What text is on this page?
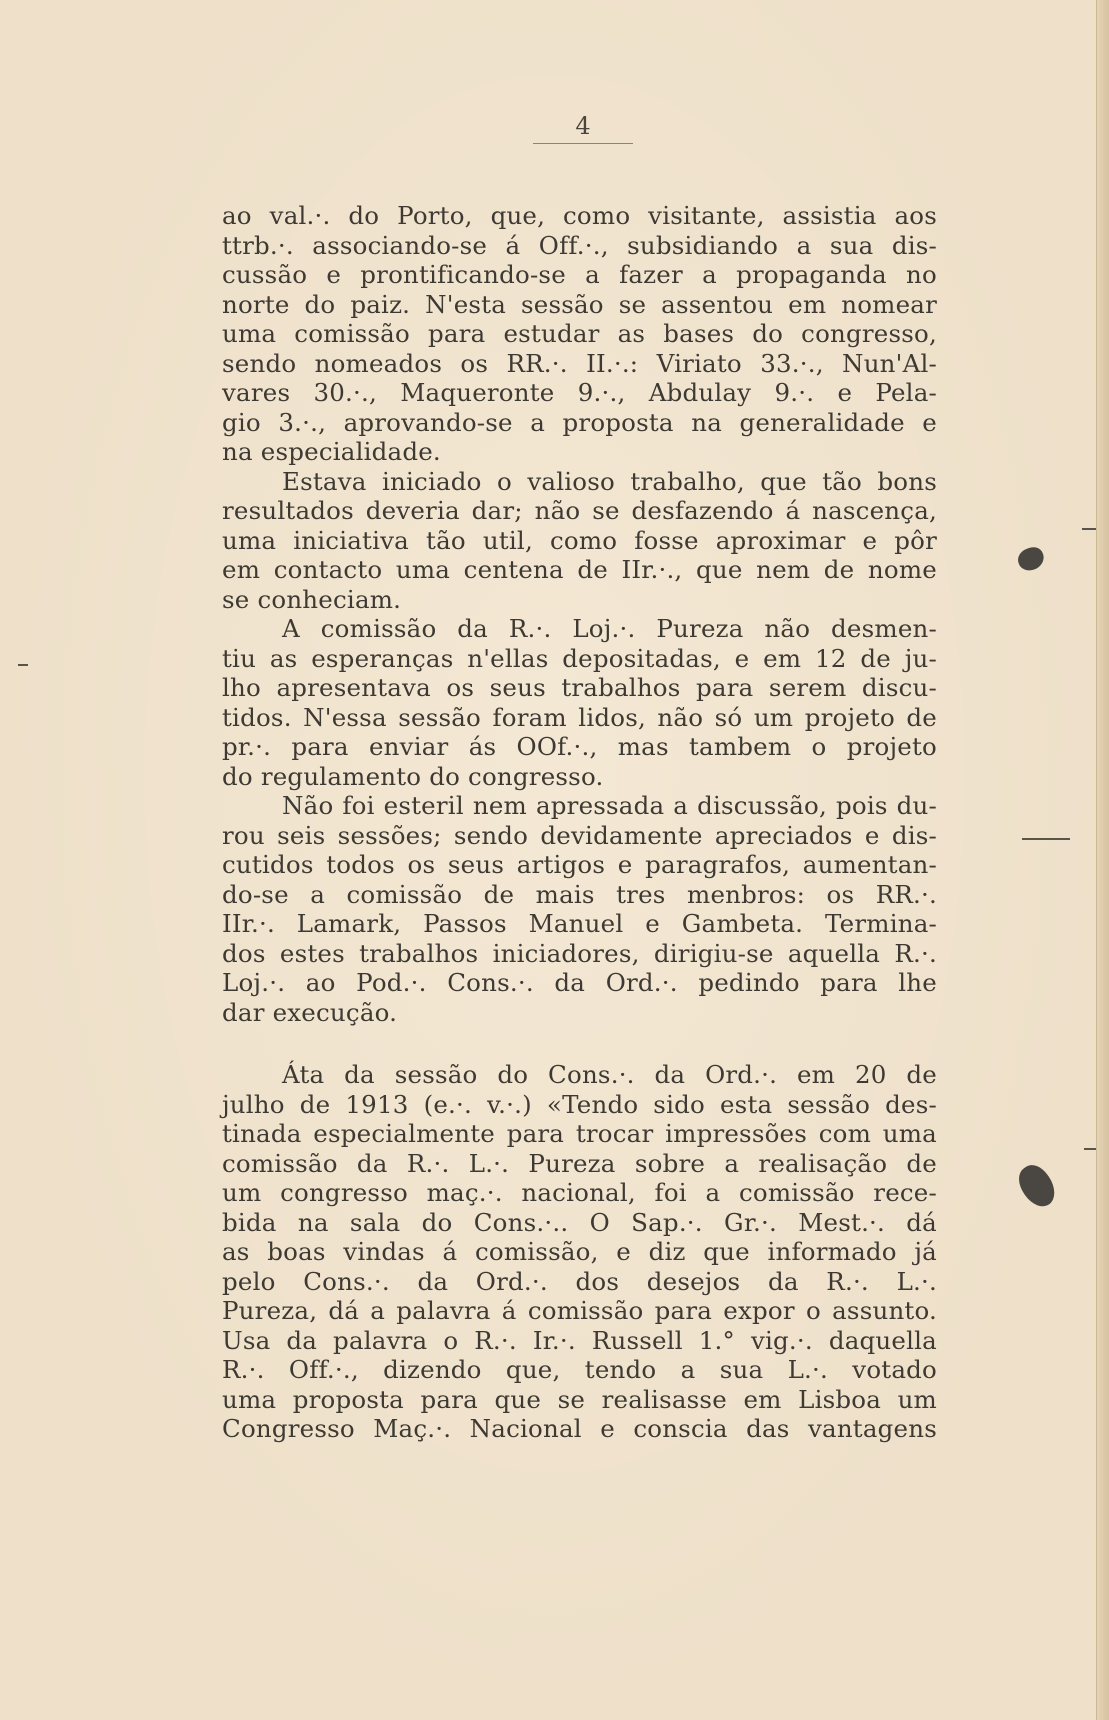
4
ao val.·. do Porto, que, como visitante, assistia aos
ttrb.·. associando-se á Off.·., subsidiando a sua dis-
cussão e prontificando-se a fazer a propaganda no
norte do paiz. N'esta sessão se assentou em nomear
uma comissão para estudar as bases do congresso,
sendo nomeados os RR.·. II.·.: Viriato 33.·., Nun'Al-
vares 30.·., Maqueronte 9.·., Abdulay 9.·. e Pela-
gio 3.·., aprovando-se a proposta na generalidade e
na especialidade.
Estava iniciado o valioso trabalho, que tão bons
resultados deveria dar; não se desfazendo á nascença,
uma iniciativa tão util, como fosse aproximar e pôr
em contacto uma centena de IIr.·., que nem de nome
se conheciam.
A comissão da R.·. Loj.·. Pureza não desmen-
tiu as esperanças n'ellas depositadas, e em 12 de ju-
lho apresentava os seus trabalhos para serem discu-
tidos. N'essa sessão foram lidos, não só um projeto de
pr.·. para enviar ás OOf.·., mas tambem o projeto
do regulamento do congresso.
Não foi esteril nem apressada a discussão, pois du-
rou seis sessões; sendo devidamente apreciados e dis-
cutidos todos os seus artigos e paragrafos, aumentan-
do-se a comissão de mais tres menbros: os RR.·.
IIr.·. Lamark, Passos Manuel e Gambeta. Termina-
dos estes trabalhos iniciadores, dirigiu-se aquella R.·.
Loj.·. ao Pod.·. Cons.·. da Ord.·. pedindo para lhe
dar execução.
Áta da sessão do Cons.·. da Ord.·. em 20 de
julho de 1913 (e.·. v.·.) «Tendo sido esta sessão des-
tinada especialmente para trocar impressões com uma
comissão da R.·. L.·. Pureza sobre a realisação de
um congresso maç.·. nacional, foi a comissão rece-
bida na sala do Cons.·.. O Sap.·. Gr.·. Mest.·. dá
as boas vindas á comissão, e diz que informado já
pelo Cons.·. da Ord.·. dos desejos da R.·. L.·.
Pureza, dá a palavra á comissão para expor o assunto.
Usa da palavra o R.·. Ir.·. Russell 1.° vig.·. daquella
R.·. Off.·., dizendo que, tendo a sua L.·. votado
uma proposta para que se realisasse em Lisboa um
Congresso Maç.·. Nacional e conscia das vantagens
